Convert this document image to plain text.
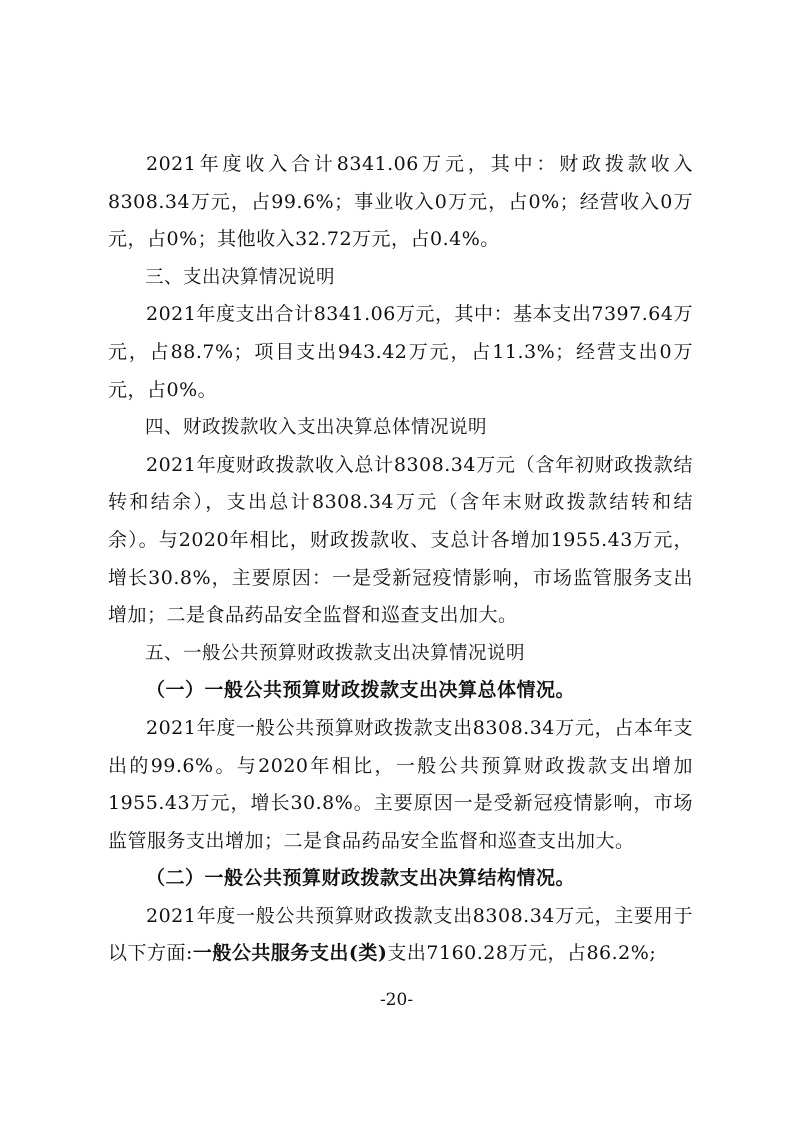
2021年度收入合计8341.06万元，其中：财政拨款收入8308.34万元，占99.6%；事业收入0万元，占0%；经营收入0万元，占0%；其他收入32.72万元，占0.4%。

三、支出决算情况说明

2021年度支出合计8341.06万元，其中：基本支出7397.64万元，占88.7%；项目支出943.42万元，占11.3%；经营支出0万元，占0%。

四、财政拨款收入支出决算总体情况说明

2021年度财政拨款收入总计8308.34万元（含年初财政拨款结转和结余），支出总计8308.34万元（含年末财政拨款结转和结余）。与2020年相比，财政拨款收、支总计各增加1955.43万元，增长30.8%，主要原因：一是受新冠疫情影响，市场监管服务支出增加；二是食品药品安全监督和巡查支出加大。

五、一般公共预算财政拨款支出决算情况说明

（一）一般公共预算财政拨款支出决算总体情况。

2021年度一般公共预算财政拨款支出8308.34万元，占本年支出的99.6%。与2020年相比，一般公共预算财政拨款支出增加1955.43万元，增长30.8%。主要原因一是受新冠疫情影响，市场监管服务支出增加；二是食品药品安全监督和巡查支出加大。

（二）一般公共预算财政拨款支出决算结构情况。

2021年度一般公共预算财政拨款支出8308.34万元，主要用于以下方面:一般公共服务支出(类)支出7160.28万元，占86.2%;

-20-
